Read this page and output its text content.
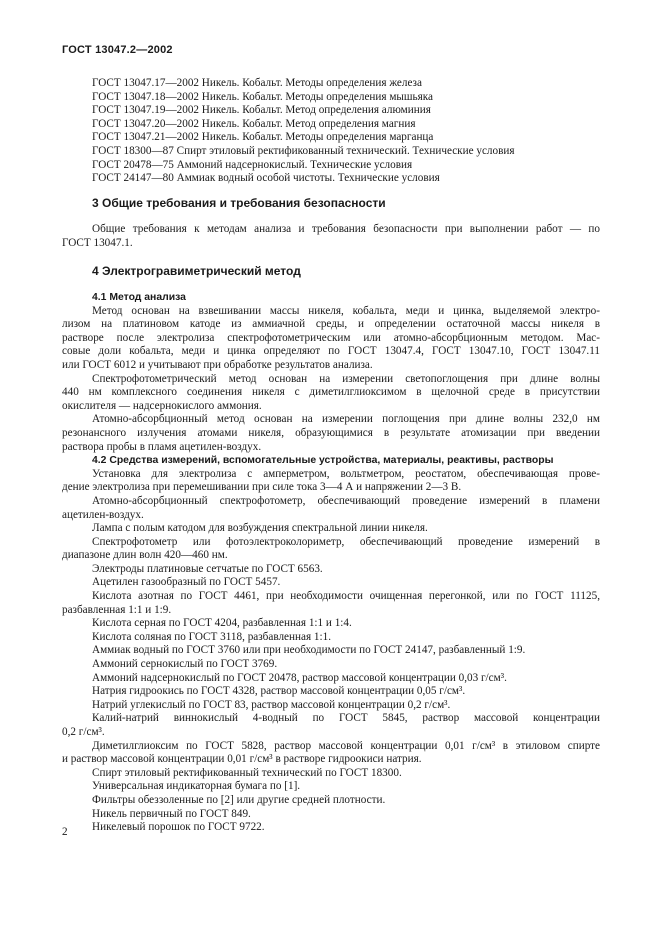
ГОСТ 13047.2—2002
ГОСТ 13047.17—2002 Никель. Кобальт. Методы определения железа
ГОСТ 13047.18—2002 Никель. Кобальт. Методы определения мышьяка
ГОСТ 13047.19—2002 Никель. Кобальт. Метод определения алюминия
ГОСТ 13047.20—2002 Никель. Кобальт. Метод определения магния
ГОСТ 13047.21—2002 Никель. Кобальт. Методы определения марганца
ГОСТ 18300—87 Спирт этиловый ректификованный технический. Технические условия
ГОСТ 20478—75 Аммоний надсернокислый. Технические условия
ГОСТ 24147—80 Аммиак водный особой чистоты. Технические условия
3 Общие требования и требования безопасности

Общие требования к методам анализа и требования безопасности при выполнении работ — по
ГОСТ 13047.1.

4 Электрогравиметрический метод

4.1 Метод анализа

Метод основан на взвешивании массы никеля, кобальта, меди и цинка, выделяемой электро-
лизом на платиновом катоде из аммиачной среды, и определении остаточной массы никеля в
растворе после электролиза спектрофотометрическим или атомно-абсорбционным методом. Мас-
совые доли кобальта, меди и цинка определяют по ГОСТ 13047.4, ГОСТ 13047.10, ГОСТ 13047.11
или ГОСТ 6012 и учитывают при обработке результатов анализа.

Спектрофотометрический метод основан на измерении светопоглощения при длине волны
440 нм комплексного соединения никеля с диметилглиоксимом в щелочной среде в присутствии
окислителя — надсернокислого аммония.

Атомно-абсорбционный метод основан на измерении поглощения при длине волны 232,0 нм
резонансного излучения атомами никеля, образующимися в результате атомизации при введении
раствора пробы в пламя ацетилен-воздух.

4.2 Средства измерений, вспомогательные устройства, материалы, реактивы, растворы

Установка для электролиза с амперметром, вольтметром, реостатом, обеспечивающая прове-
дение электролиза при перемешивании при силе тока 3—4 А и напряжении 2—3 В.

Атомно-абсорбционный спектрофотометр, обеспечивающий проведение измерений в пламени
ацетилен-воздух.

Лампа с полым катодом для возбуждения спектральной линии никеля.

Спектрофотометр или фотоэлектроколориметр, обеспечивающий проведение измерений в
диапазоне длин волн 420—460 нм.

Электроды платиновые сетчатые по ГОСТ 6563.

Ацетилен газообразный по ГОСТ 5457.

Кислота азотная по ГОСТ 4461, при необходимости очищенная перегонкой, или по ГОСТ 11125,
разбавленная 1:1 и 1:9.

Кислота серная по ГОСТ 4204, разбавленная 1:1 и 1:4.

Кислота соляная по ГОСТ 3118, разбавленная 1:1.

Аммиак водный по ГОСТ 3760 или при необходимости по ГОСТ 24147, разбавленный 1:9.

Аммоний сернокислый по ГОСТ 3769.

Аммоний надсернокислый по ГОСТ 20478, раствор массовой концентрации 0,03 г/см³.

Натрия гидроокись по ГОСТ 4328, раствор массовой концентрации 0,05 г/см³.

Натрий углекислый по ГОСТ 83, раствор массовой концентрации 0,2 г/см³.

Калий-натрий виннокислый 4-водный по ГОСТ 5845, раствор массовой концентрации
0,2 г/см³.

Диметилглиоксим по ГОСТ 5828, раствор массовой концентрации 0,01 г/см³ в этиловом спирте
и раствор массовой концентрации 0,01 г/см³ в растворе гидроокиси натрия.

Спирт этиловый ректификованный технический по ГОСТ 18300.

Универсальная индикаторная бумага по [1].

Фильтры обеззоленные по [2] или другие средней плотности.

Никель первичный по ГОСТ 849.

Никелевый порошок по ГОСТ 9722.

2
